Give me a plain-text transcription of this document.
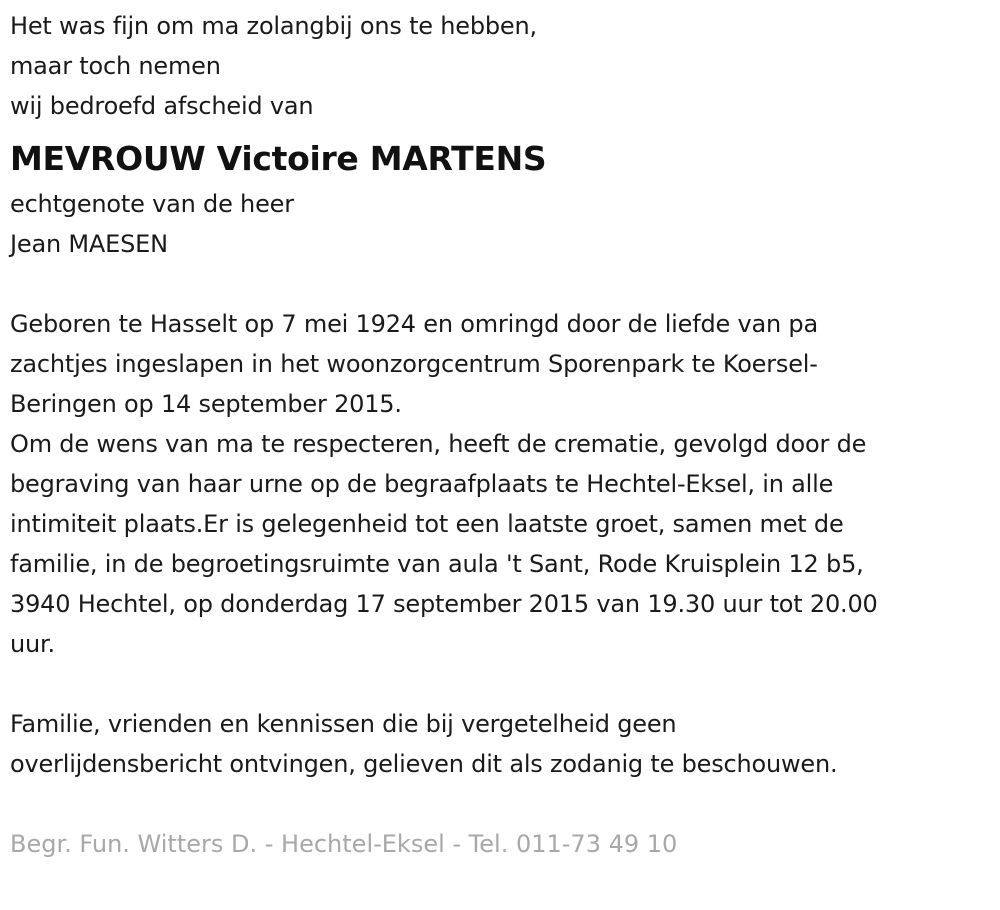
Het was fijn om ma zolangbij ons te hebben,
maar toch nemen
wij bedroefd afscheid van
MEVROUW Victoire MARTENS
echtgenote van de heer
Jean MAESEN
Geboren te Hasselt op 7 mei 1924 en omringd door de liefde van pa
zachtjes ingeslapen in het woonzorgcentrum Sporenpark te Koersel-
Beringen op 14 september 2015.
Om de wens van ma te respecteren, heeft de crematie, gevolgd door de
begraving van haar urne op de begraafplaats te Hechtel-Eksel, in alle
intimiteit plaats.Er is gelegenheid tot een laatste groet, samen met de
familie, in de begroetingsruimte van aula 't Sant, Rode Kruisplein 12 b5,
3940 Hechtel, op donderdag 17 september 2015 van 19.30 uur tot 20.00
uur.
Familie, vrienden en kennissen die bij vergetelheid geen
overlijdensbericht ontvingen, gelieven dit als zodanig te beschouwen.
Begr. Fun. Witters D. - Hechtel-Eksel - Tel. 011-73 49 10
